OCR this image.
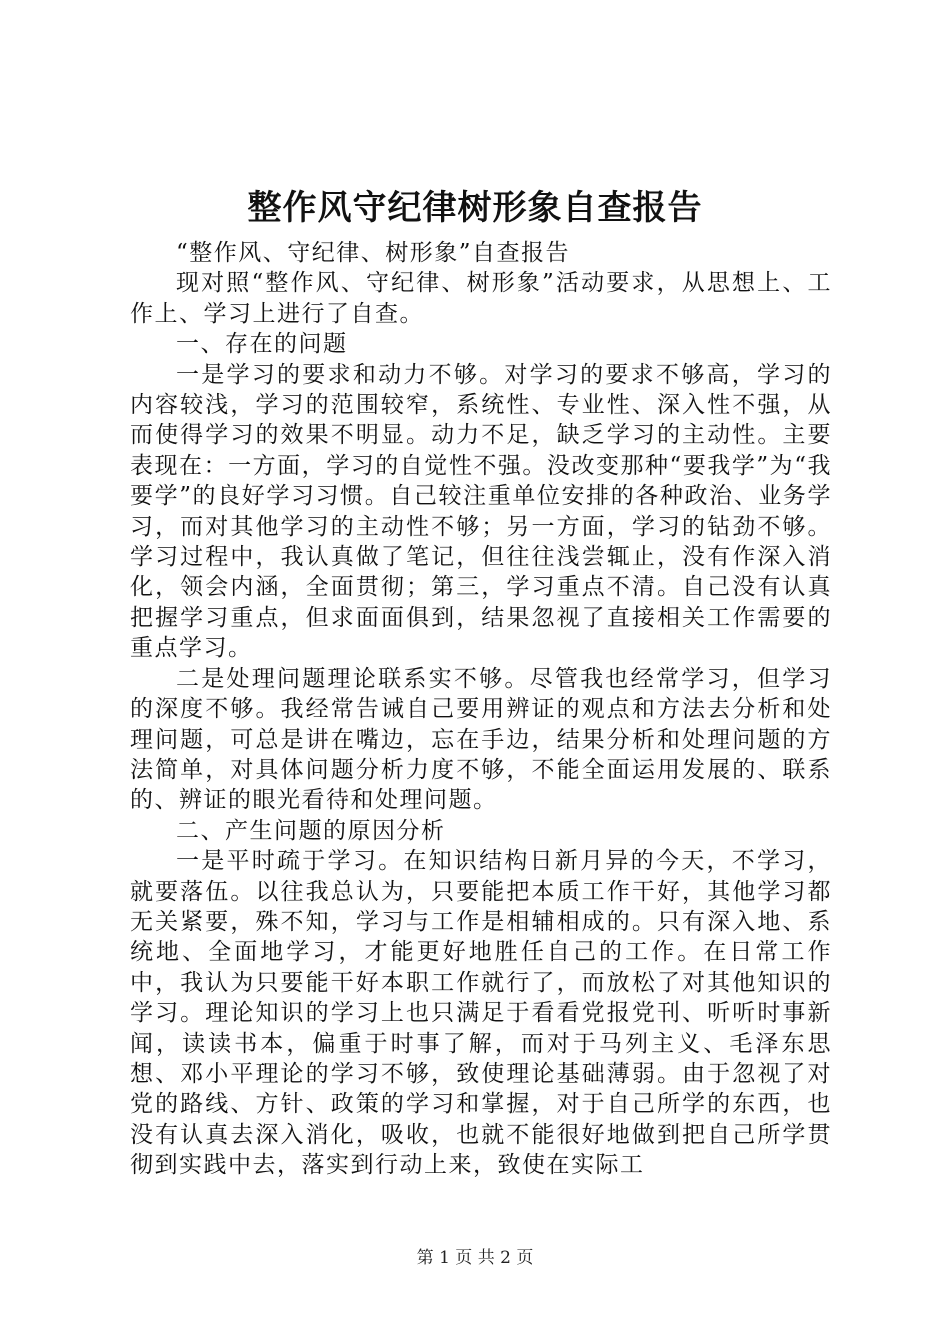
整作风守纪律树形象自查报告

“整作风、守纪律、树形象”自查报告

现对照“整作风、守纪律、树形象”活动要求，从思想上、工作上、学习上进行了自查。

一、存在的问题

一是学习的要求和动力不够。对学习的要求不够高，学习的内容较浅，学习的范围较窄，系统性、专业性、深入性不强，从而使得学习的效果不明显。动力不足，缺乏学习的主动性。主要表现在：一方面，学习的自觉性不强。没改变那种“要我学”为“我要学”的良好学习习惯。自己较注重单位安排的各种政治、业务学习，而对其他学习的主动性不够；另一方面，学习的钻劲不够。学习过程中，我认真做了笔记，但往往浅尝辄止，没有作深入消化，领会内涵，全面贯彻；第三，学习重点不清。自己没有认真把握学习重点，但求面面俱到，结果忽视了直接相关工作需要的重点学习。

二是处理问题理论联系实不够。尽管我也经常学习，但学习的深度不够。我经常告诫自己要用辨证的观点和方法去分析和处理问题，可总是讲在嘴边，忘在手边，结果分析和处理问题的方法简单，对具体问题分析力度不够，不能全面运用发展的、联系的、辨证的眼光看待和处理问题。

二、产生问题的原因分析

一是平时疏于学习。在知识结构日新月异的今天，不学习，就要落伍。以往我总认为，只要能把本质工作干好，其他学习都无关紧要，殊不知，学习与工作是相辅相成的。只有深入地、系统地、全面地学习，才能更好地胜任自己的工作。在日常工作中，我认为只要能干好本职工作就行了，而放松了对其他知识的学习。理论知识的学习上也只满足于看看党报党刊、听听时事新闻，读读书本，偏重于时事了解，而对于马列主义、毛泽东思想、邓小平理论的学习不够，致使理论基础薄弱。由于忽视了对党的路线、方针、政策的学习和掌握，对于自己所学的东西，也没有认真去深入消化，吸收，也就不能很好地做到把自己所学贯彻到实践中去，落实到行动上来，致使在实际工

第 1 页 共 2 页
